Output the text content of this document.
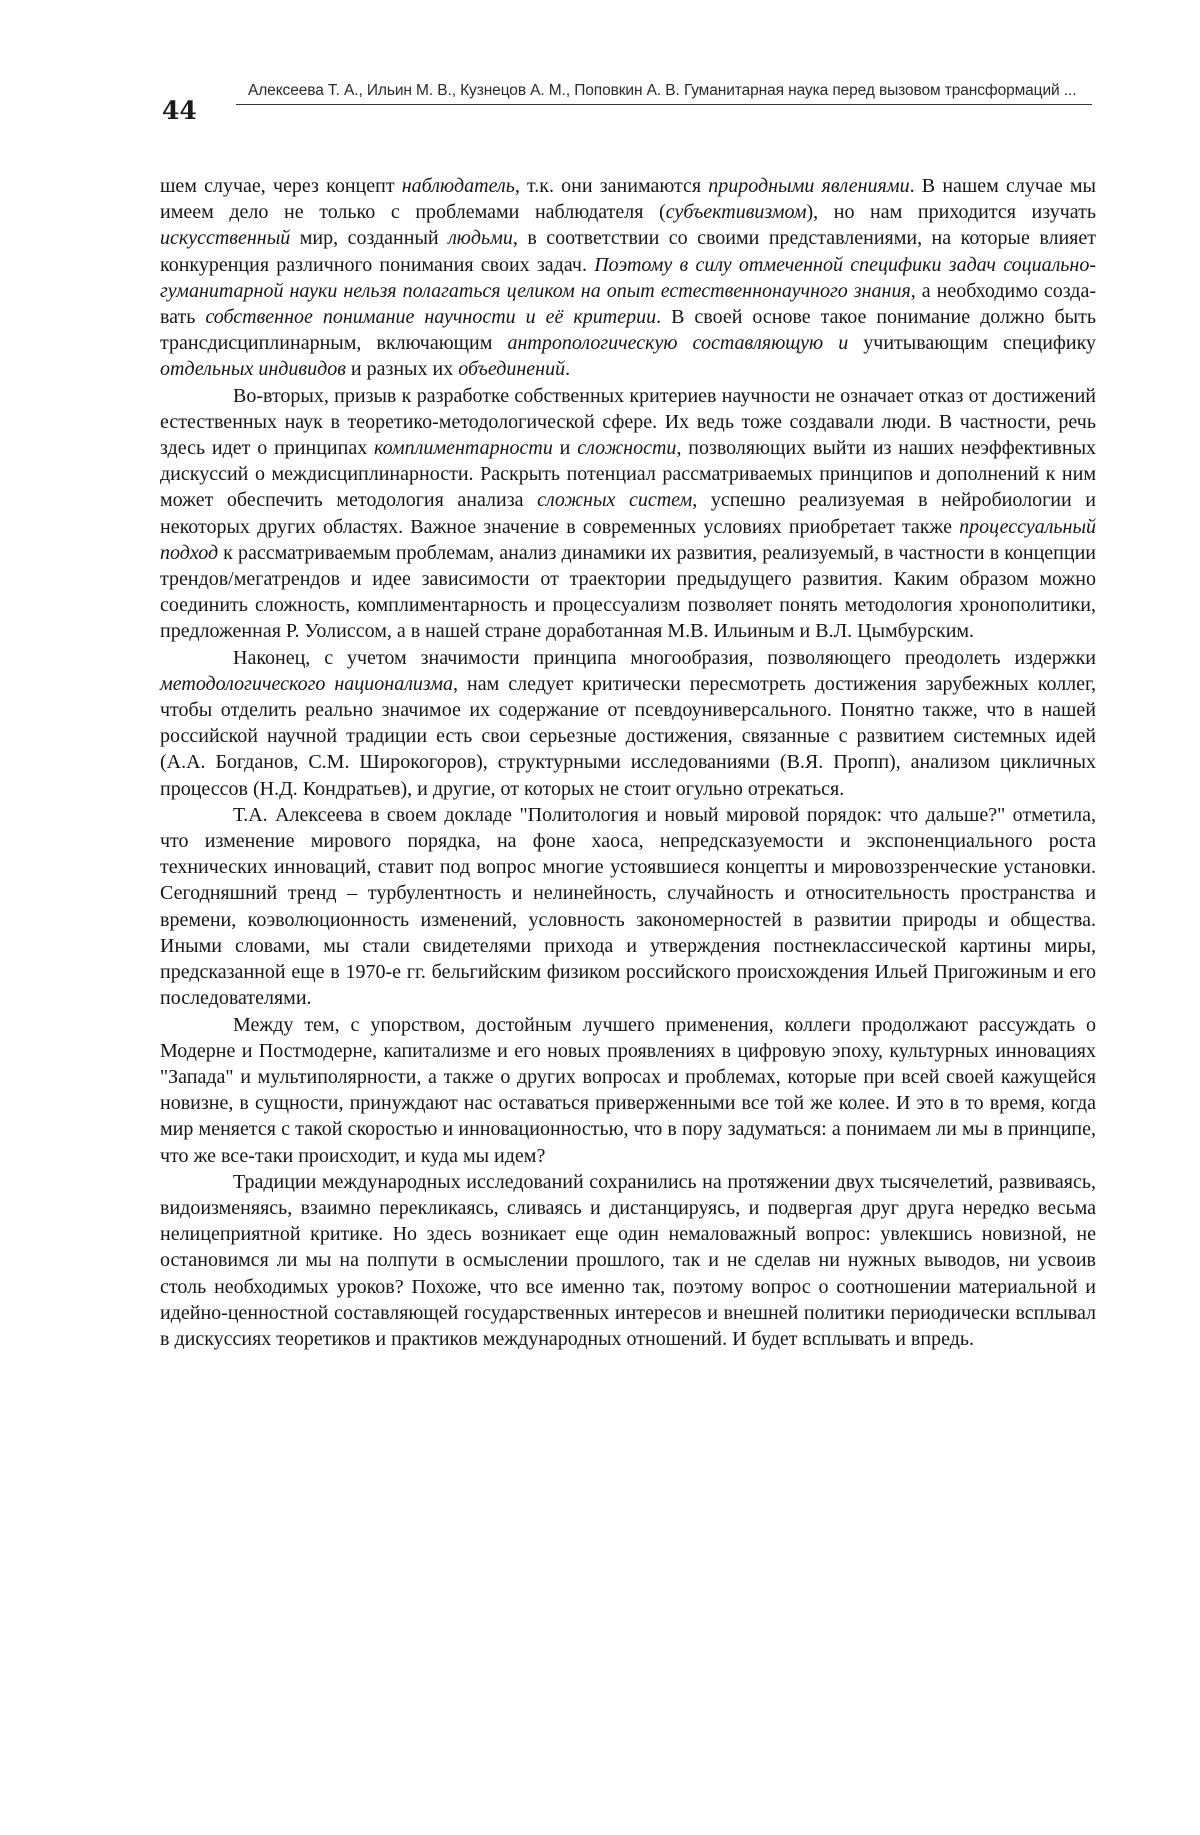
44
Алексеева Т. А., Ильин М. В., Кузнецов А. М., Поповкин А. В. Гуманитарная наука перед вызовом трансформаций ...

шем случае, через концепт наблюдатель, т.к. они занимаются природными явлениями. В нашем случае мы имеем дело не только с проблемами наблю­дателя (субъективизмом), но нам приходится изучать искусственный мир, созданный людьми, в соответствии со своими представлениями, на которые влияет конкуренция различного понимания своих задач. Поэтому в силу отмеченной специфики задач социально-гуманитарной науки нельзя пола­гаться целиком на опыт естественнонаучного знания, а необходимо созда­вать собственное понимание научности и её критерии. В своей основе такое понимание должно быть трансдисциплинарным, включающим антропологи­ческую составляющую и учитывающим специфику отдельных индивидов и разных их объединений.

Во-вторых, призыв к разработке собственных критериев научности не означает отказ от достижений естественных наук в теоретико-методологи­ческой сфере. Их ведь тоже создавали люди. В частности, речь здесь идет о принципах комплиментарности и сложности, позволяющих выйти из на­ших неэффективных дискуссий о междисциплинарности. Раскрыть потенци­ал рассматриваемых принципов и дополнений к ним может обеспечить мето­дология анализа сложных систем, успешно реализуемая в нейробиологии и некоторых других областях. Важное значение в современных условиях приоб­ретает также процессуальный подход к рассматриваемым проблемам, анализ динамики их развития, реализуемый, в частности в концепции трендов/ме­гатрендов и идее зависимости от траектории предыдущего развития. Каким образом можно соединить сложность, комплиментарность и процессуализм позволяет понять методология хронополитики, предложенная Р. Уолиссом, а в нашей стране доработанная М.В. Ильиным и В.Л. Цымбурским.

Наконец, с учетом значимости принципа многообразия, позволяющего преодолеть издержки методологического национализма, нам следует крити­чески пересмотреть достижения зарубежных коллег, чтобы отделить реально значимое их содержание от псевдоуниверсального. Понятно также, что в на­шей российской научной традиции есть свои серьезные достижения, связан­ные с развитием системных идей (А.А. Богданов, С.М. Широкогоров), струк­турными исследованиями (В.Я. Пропп), анализом цикличных процессов (Н.Д. Кондратьев), и другие, от которых не стоит огульно отрекаться.

Т.А. Алексеева в своем докладе "Политология и новый мировой поря­док: что дальше?" отметила, что изменение мирового порядка, на фоне ха­оса, непредсказуемости и экспоненциального роста технических инноваций, ставит под вопрос многие устоявшиеся концепты и мировоззренческие уста­новки. Сегодняшний тренд – турбулентность и нелинейность, случайность и относительность пространства и времени, коэволюционность изменений, ус­ловность закономерностей в развитии природы и общества. Иными словами, мы стали свидетелями прихода и утверждения постнеклассической картины миры, предсказанной еще в 1970-е гг. бельгийским физиком российского про­исхождения Ильей Пригожиным и его последователями.

Между тем, с упорством, достойным лучшего применения, коллеги про­должают рассуждать о Модерне и Постмодерне, капитализме и его новых проявлениях в цифровую эпоху, культурных инновациях "Запада" и мульти­полярности, а также о других вопросах и проблемах, которые при всей своей кажущейся новизне, в сущности, принуждают нас оставаться приверженны­ми все той же колее. И это в то время, когда мир меняется с такой скоростью и инновационностью, что в пору задуматься: а понимаем ли мы в принципе, что же все-таки происходит, и куда мы идем?

Традиции международных исследований сохранились на протяжении двух тысячелетий, развиваясь, видоизменяясь, взаимно перекликаясь, слива­ясь и дистанцируясь, и подвергая друг друга нередко весьма нелицеприятной критике. Но здесь возникает еще один немаловажный вопрос: увлекшись но­визной, не остановимся ли мы на полпути в осмыслении прошлого, так и не сделав ни нужных выводов, ни усвоив столь необходимых уроков? Похоже, что все именно так, поэтому вопрос о соотношении материальной и идейно-цен­ностной составляющей государственных интересов и внешней политики пе­риодически всплывал в дискуссиях теоретиков и практиков международных отношений. И будет всплывать и впредь.
